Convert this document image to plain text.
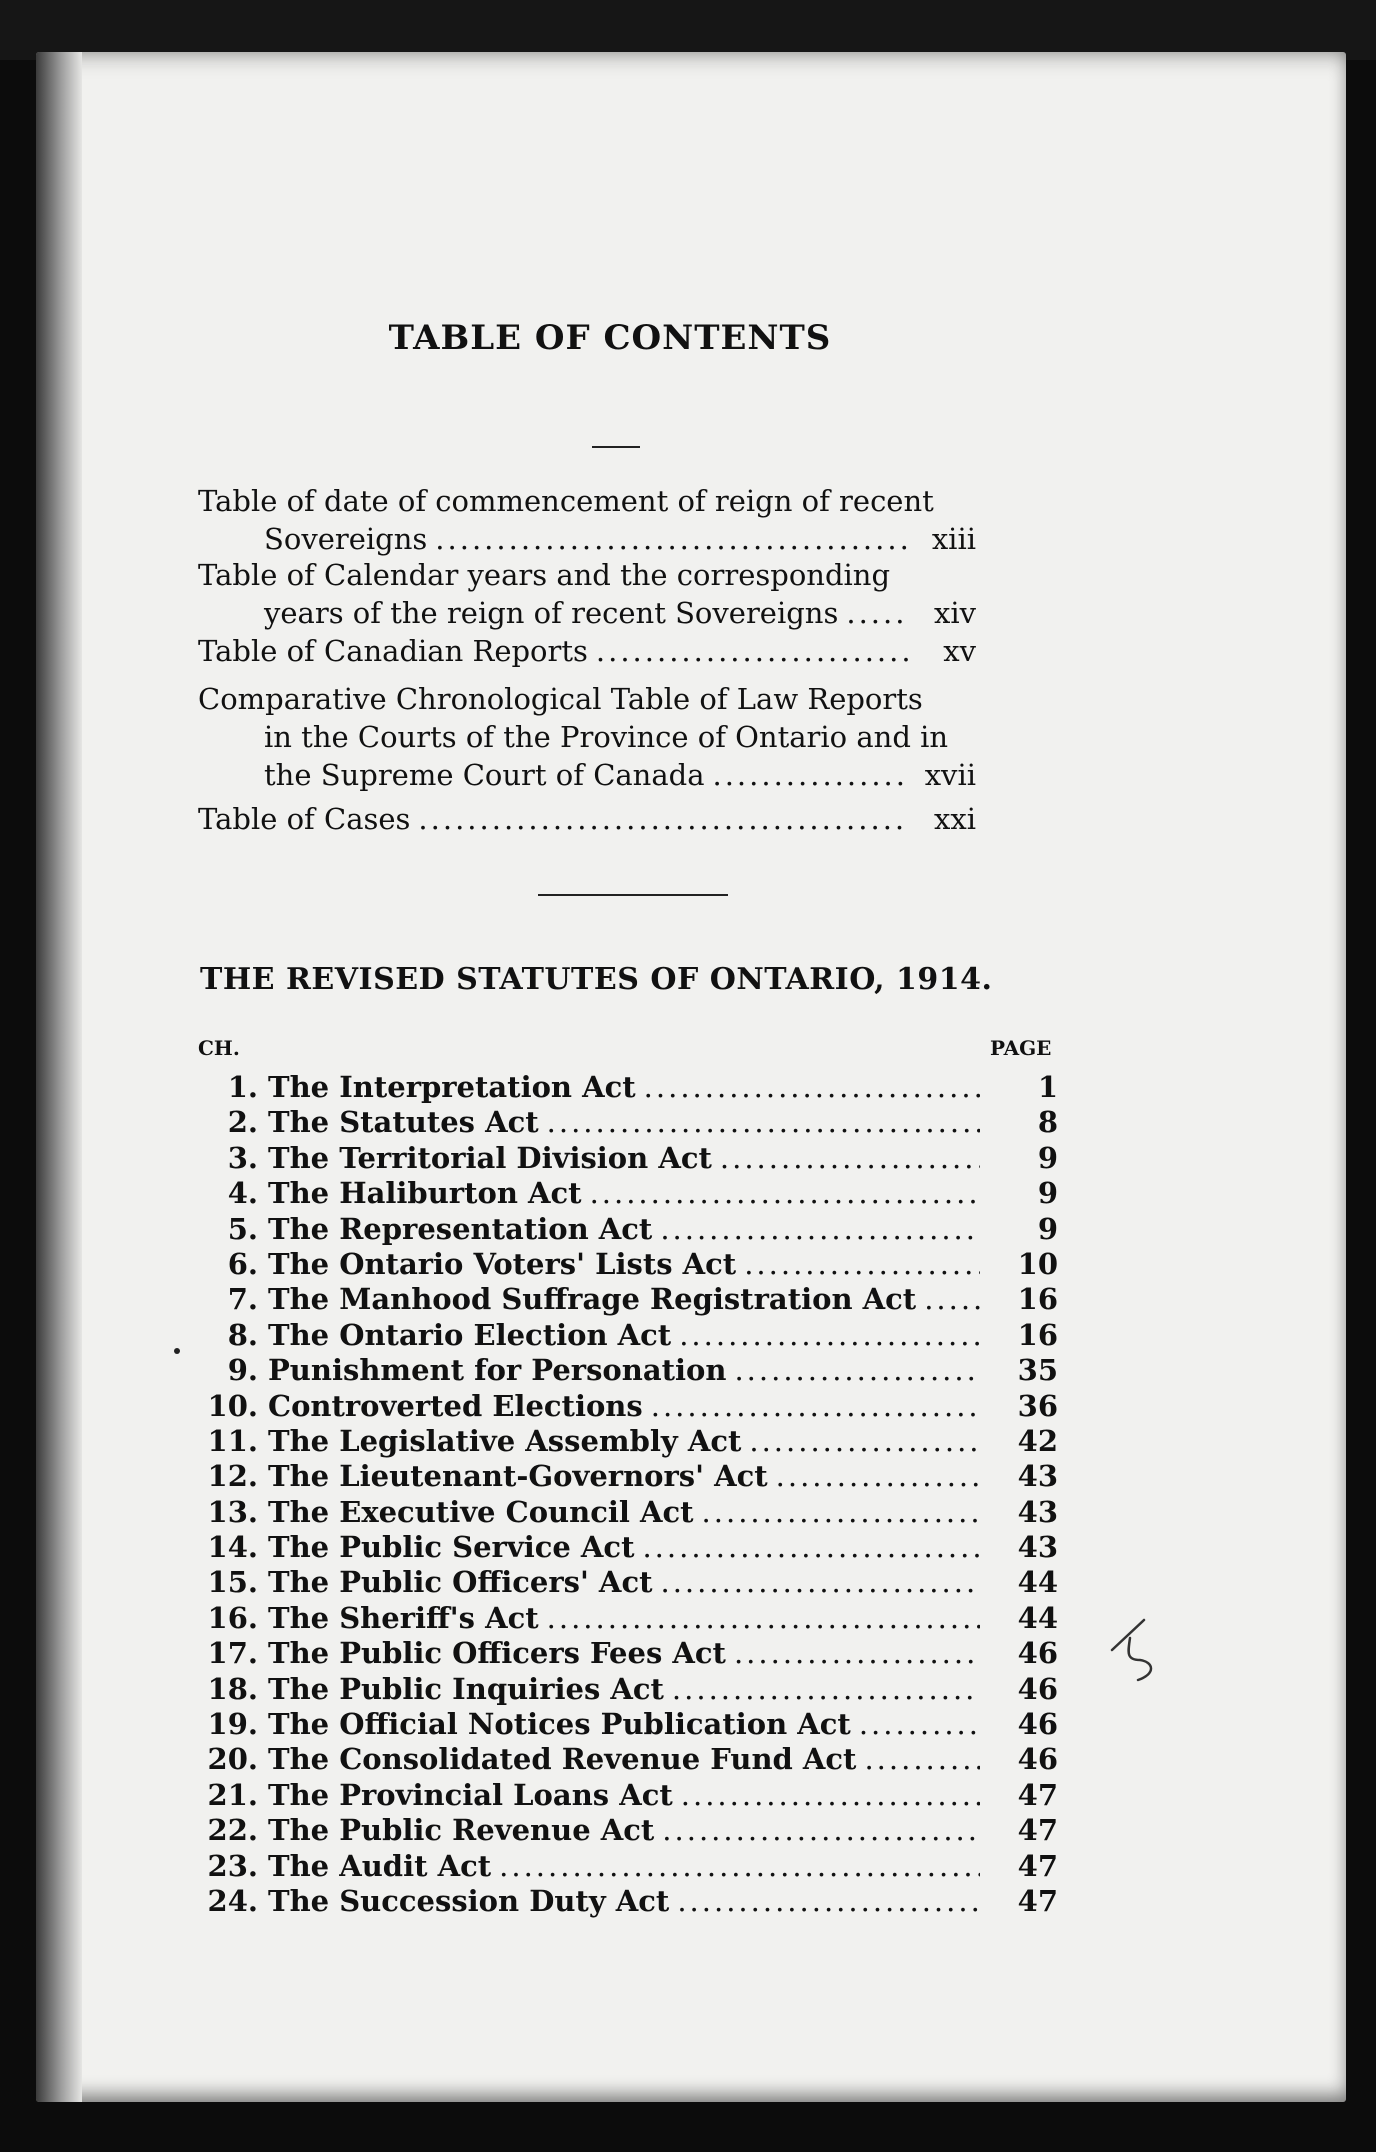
TABLE OF CONTENTS
Table of date of commencement of reign of recent
Sovereigns .....	xiii
Table of Calendar years and the corresponding
years of the reign of recent Sovereigns .....	xiv
Table of Canadian Reports .....	xv
Comparative Chronological Table of Law Reports
in the Courts of the Province of Ontario and in
the Supreme Court of Canada .....	xvii
Table of Cases .....	xxi
THE REVISED STATUTES OF ONTARIO, 1914.
CH.	PAGE
1. The Interpretation Act .....	1
2. The Statutes Act .....	8
3. The Territorial Division Act .....	9
4. The Haliburton Act .....	9
5. The Representation Act .....	9
6. The Ontario Voters' Lists Act .....	10
7. The Manhood Suffrage Registration Act .....	16
8. The Ontario Election Act .....	16
9. Punishment for Personation .....	35
10. Controverted Elections .....	36
11. The Legislative Assembly Act .....	42
12. The Lieutenant-Governors' Act .....	43
13. The Executive Council Act .....	43
14. The Public Service Act .....	43
15. The Public Officers' Act .....	44
16. The Sheriff's Act .....	44
17. The Public Officers Fees Act .....	46
18. The Public Inquiries Act .....	46
19. The Official Notices Publication Act .....	46
20. The Consolidated Revenue Fund Act .....	46
21. The Provincial Loans Act .....	47
22. The Public Revenue Act .....	47
23. The Audit Act .....	47
24. The Succession Duty Act .....	47
